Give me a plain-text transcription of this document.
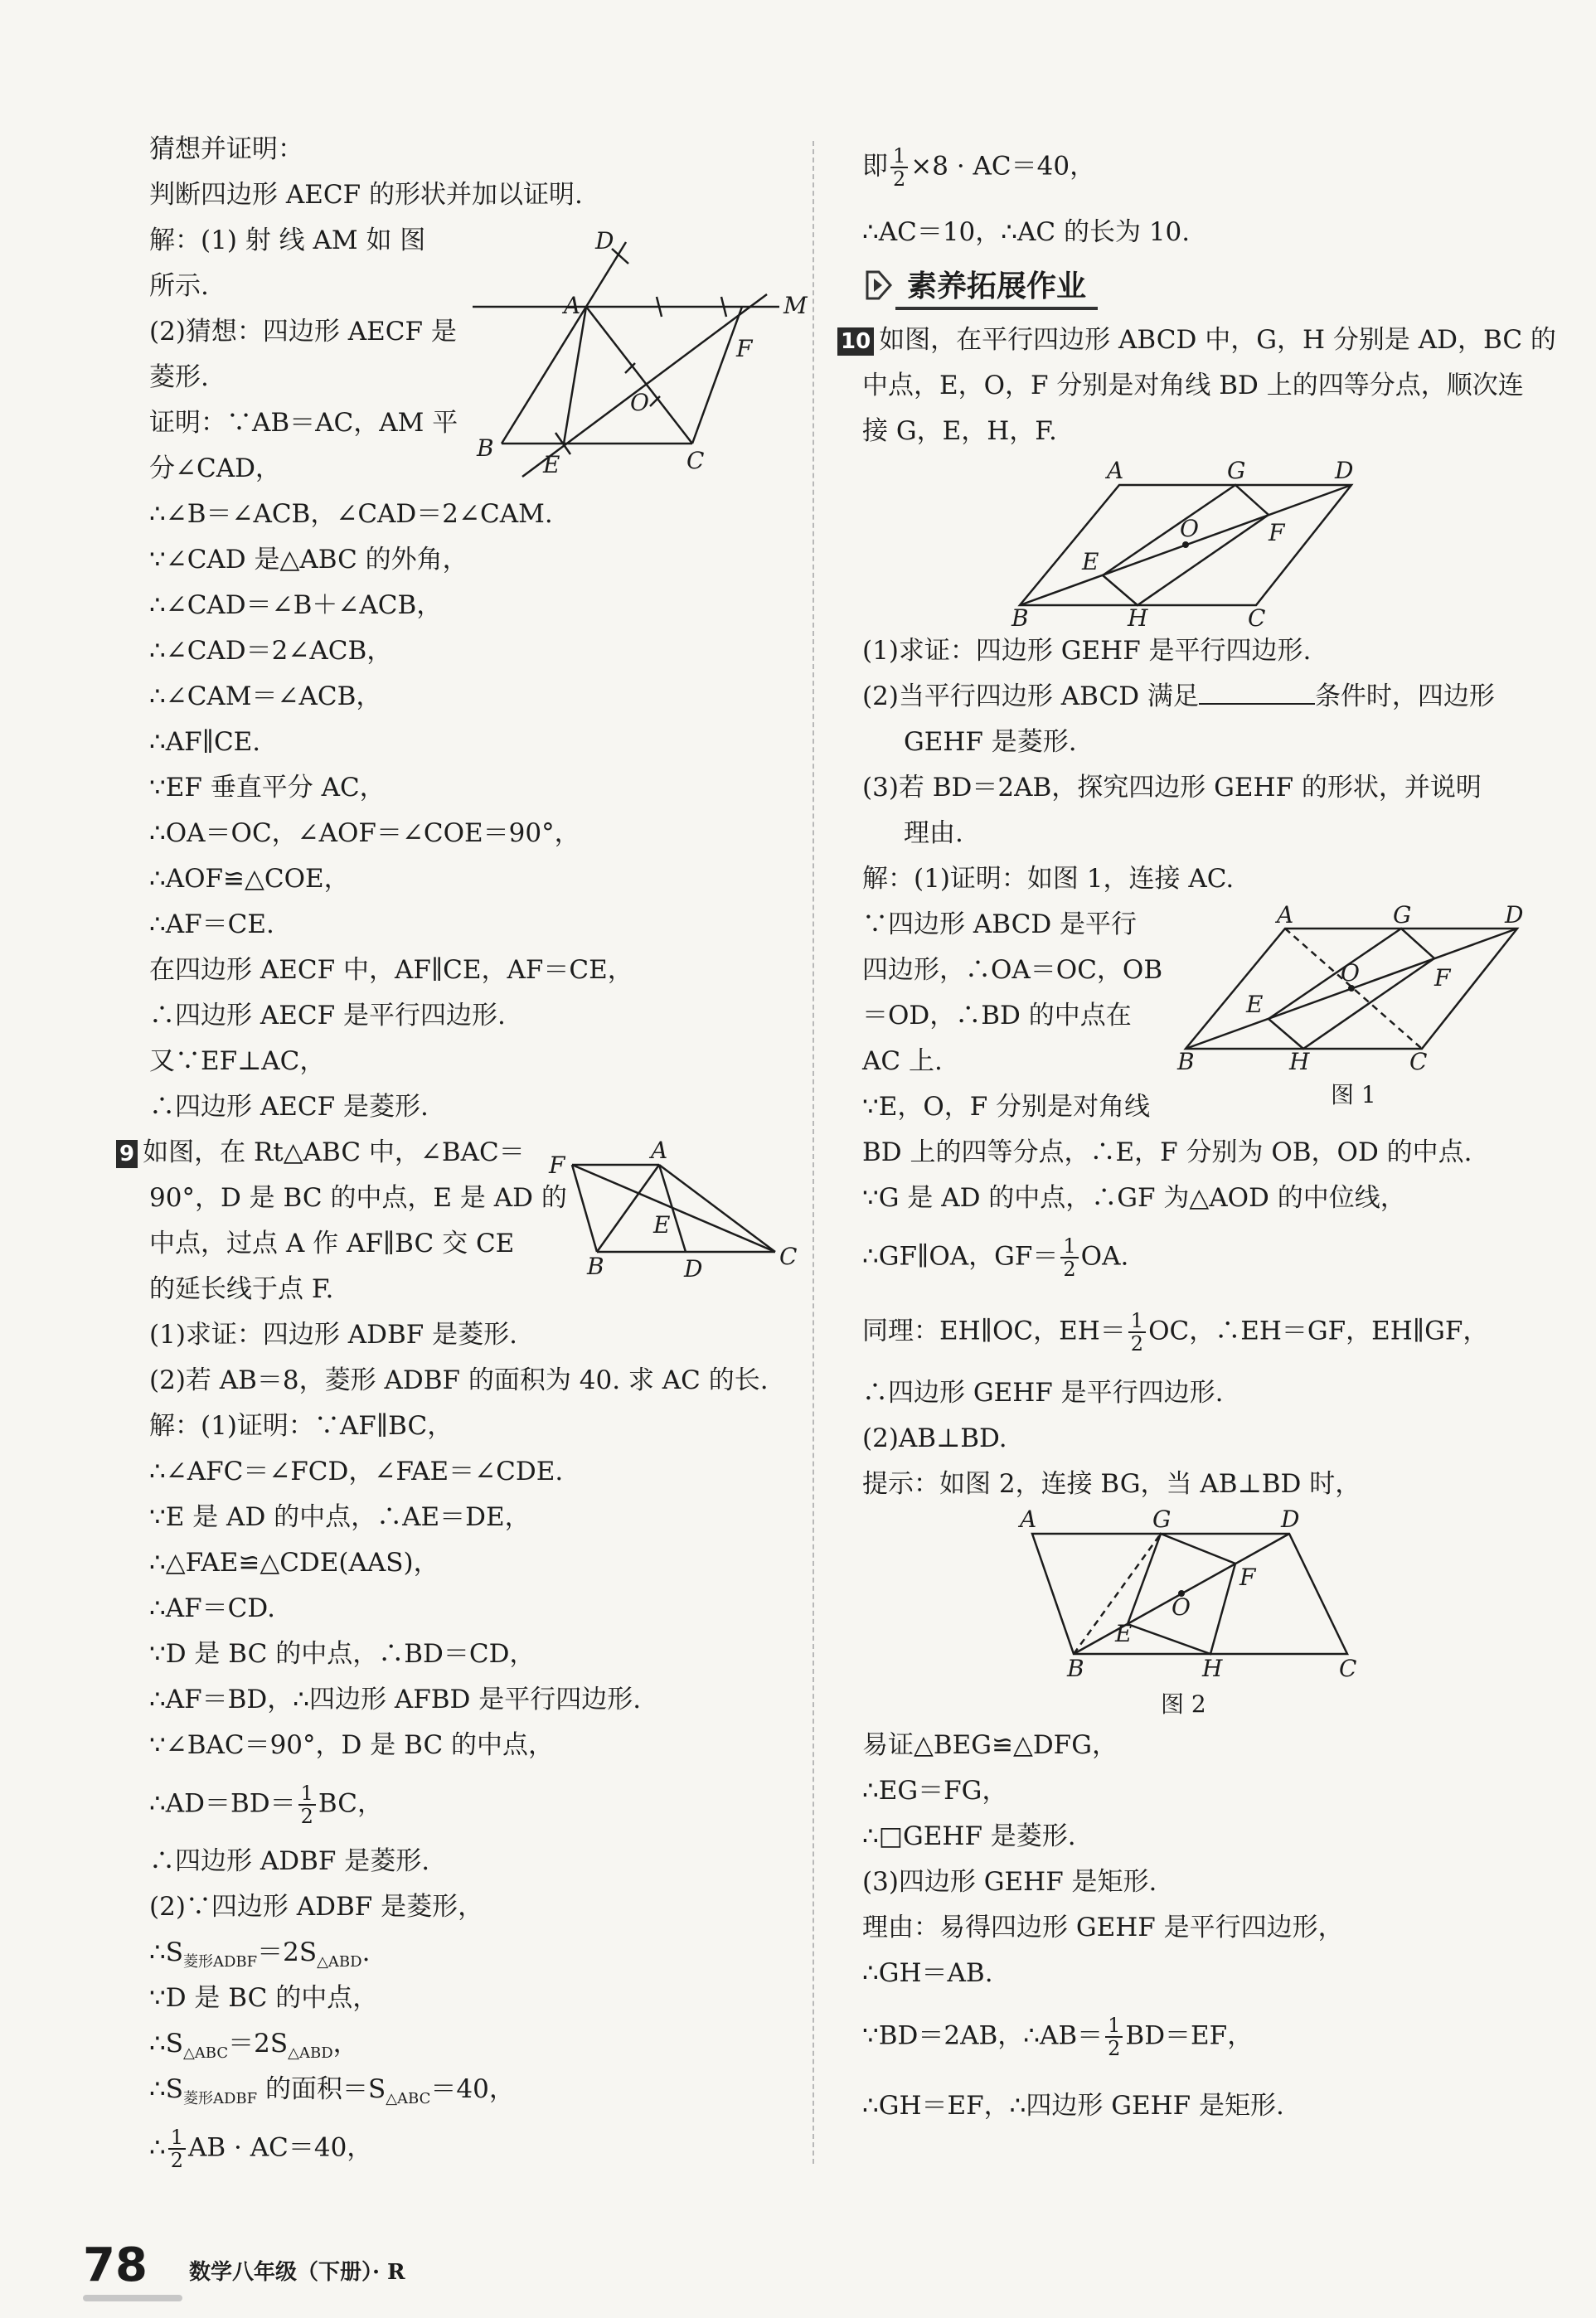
猜想并证明：
判断四边形 AECF 的形状并加以证明.
解：(1) 射 线 AM 如 图
所示.
(2)猜想：四边形 AECF 是
菱形.
证明：∵AB＝AC，AM 平
分∠CAD，
∴∠B＝∠ACB，∠CAD＝2∠CAM.
∵∠CAD 是△ABC 的外角，
∴∠CAD＝∠B＋∠ACB，
∴∠CAD＝2∠ACB，
∴∠CAM＝∠ACB，
∴AF∥CE.
∵EF 垂直平分 AC，
∴OA＝OC，∠AOF＝∠COE＝90°，
∴AOF≌△COE，
∴AF＝CE.
在四边形 AECF 中，AF∥CE，AF＝CE，
∴四边形 AECF 是平行四边形.
又∵EF⊥AC，
∴四边形 AECF 是菱形.
9 如图，在 Rt△ABC 中，∠BAC＝
90°，D 是 BC 的中点，E 是 AD 的
中点，过点 A 作 AF∥BC 交 CE
的延长线于点 F.
(1)求证：四边形 ADBF 是菱形.
(2)若 AB＝8，菱形 ADBF 的面积为 40. 求 AC 的长.
解：(1)证明：∵AF∥BC，
∴∠AFC＝∠FCD，∠FAE＝∠CDE.
∵E 是 AD 的中点，∴AE＝DE，
∴△FAE≌△CDE(AAS)，
∴AF＝CD.
∵D 是 BC 的中点，∴BD＝CD，
∴AF＝BD，∴四边形 AFBD 是平行四边形.
∵∠BAC＝90°，D 是 BC 的中点，
∴AD＝BD＝ $\frac{1}{2}$ BC，
∴四边形 ADBF 是菱形.
(2)∵四边形 ADBF 是菱形，
$\therefore S_{菱形ADBF}=2S_{\triangle ABD}$.
∵D 是 BC 的中点，
$\therefore S_{\triangle ABC}=2S_{\triangle ABD}$，
$\therefore S_{菱形ADBF}$ 的面积$=S_{\triangle ABC}=40$，
∴ $\frac{1}{2}$ AB · AC＝40，
D
A	M
F
O
B
E	C
F
A
E
B	D	C
即 $\frac{1}{2} \times 8 \cdot AC=40$，
∴AC＝10，∴AC 的长为 10.
素养拓展作业
10 如图，在平行四边形 ABCD 中，G，H 分别是 AD，BC 的
中点，E，O，F 分别是对角线 BD 上的四等分点，顺次连
接 G，E，H，F.
(1)求证：四边形 GEHF 是平行四边形.
(2)当平行四边形 ABCD 满足	条件时，四边形
GEHF 是菱形.
(3)若 BD＝2AB，探究四边形 GEHF 的形状，并说明
理由.
解：(1)证明：如图 1，连接 AC.
∵四边形 ABCD 是平行
四边形，∴OA＝OC，OB
＝OD，∴BD 的中点在
AC 上.
∵E，O，F 分别是对角线
BD 上的四等分点，∴E，F 分别为 OB，OD 的中点.
∵G 是 AD 的中点，∴GF 为△AOD 的中位线，
∴GF∥OA，$GF= \frac{1}{2}$ OA.
同理：EH∥OC，$EH= \frac{1}{2}$ OC，∴EH＝GF，EH∥GF，
∴四边形 GEHF 是平行四边形.
(2)AB⊥BD.
提示：如图 2，连接 BG，当 AB⊥BD 时，
易证△BEG≌△DFG，
∴EG＝FG，
∴□GEHF 是菱形.
(3)四边形 GEHF 是矩形.
理由：易得四边形 GEHF 是平行四边形，
∴GH＝AB.
∵BD＝2AB，∴AB＝ $\frac{1}{2} BD=EF$，
∴GH＝EF，∴四边形 GEHF 是矩形.
A	G	D
O	F
E
B	H	C
A	G	D
O	F
E
B	H	C
图 1
A	G	D
F
O
E
B	H	C
图 2
78 数学八年级（下册）· R
